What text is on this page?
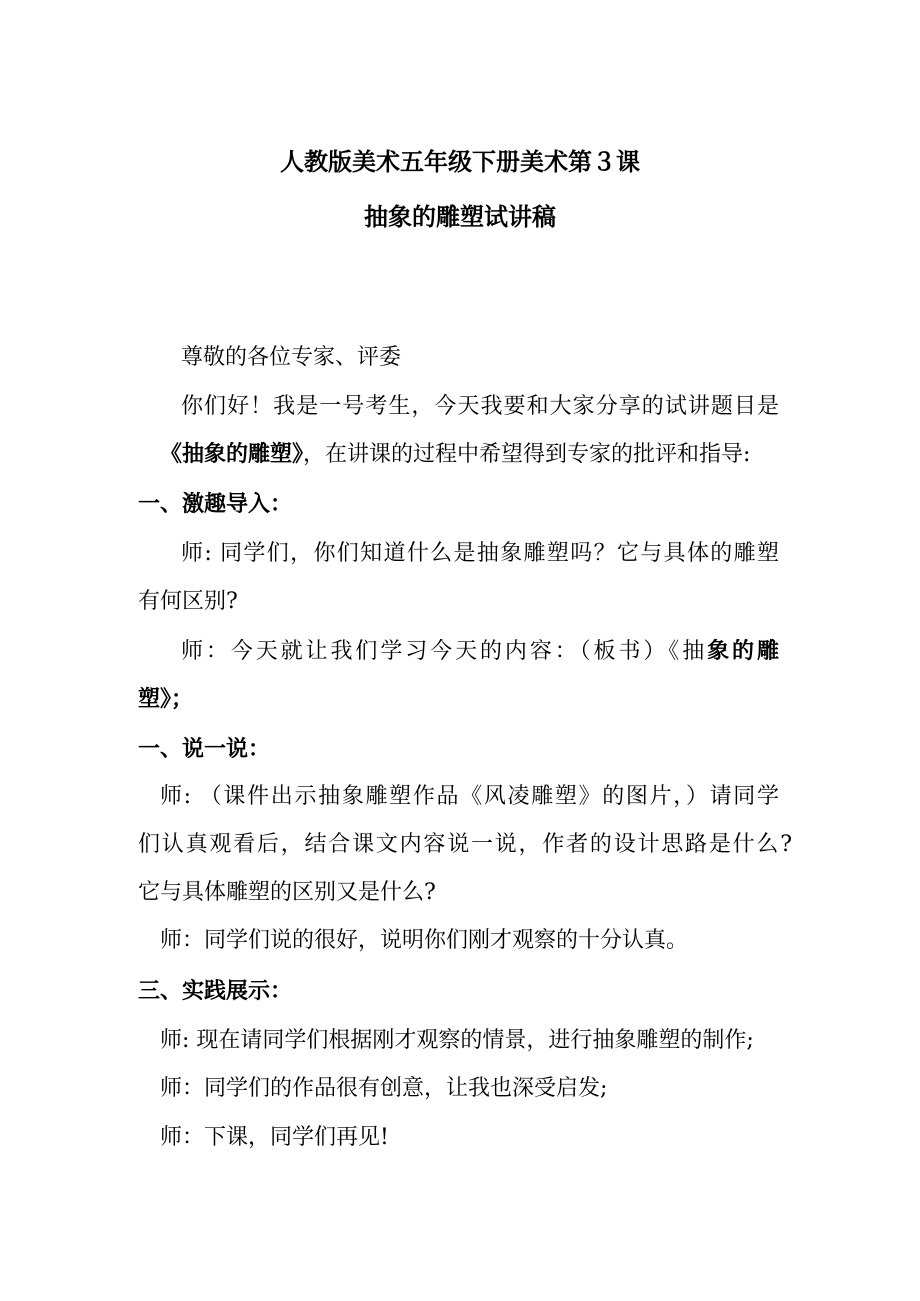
人教版美术五年级下册美术第３课
抽象的雕塑试讲稿
尊敬的各位专家、评委
你们好！我是一号考生，今天我要和大家分享的试讲题目是
《抽象的雕塑》，在讲课的过程中希望得到专家的批评和指导:
一、激趣导入：
师: 同学们，你们知道什么是抽象雕塑吗？它与具体的雕塑
有何区别?
师：今天就让我们学习今天的内容：（板书）《抽象的雕
塑》；
一、说一说：
师: （课件出示抽象雕塑作品《风凌雕塑》的图片，）请同学
们认真观看后，结合课文内容说一说，作者的设计思路是什么?
它与具体雕塑的区别又是什么?
师：同学们说的很好，说明你们刚才观察的十分认真。
三、实践展示：
师: 现在请同学们根据刚才观察的情景，进行抽象雕塑的制作;
师：同学们的作品很有创意，让我也深受启发;
师：下课，同学们再见!
